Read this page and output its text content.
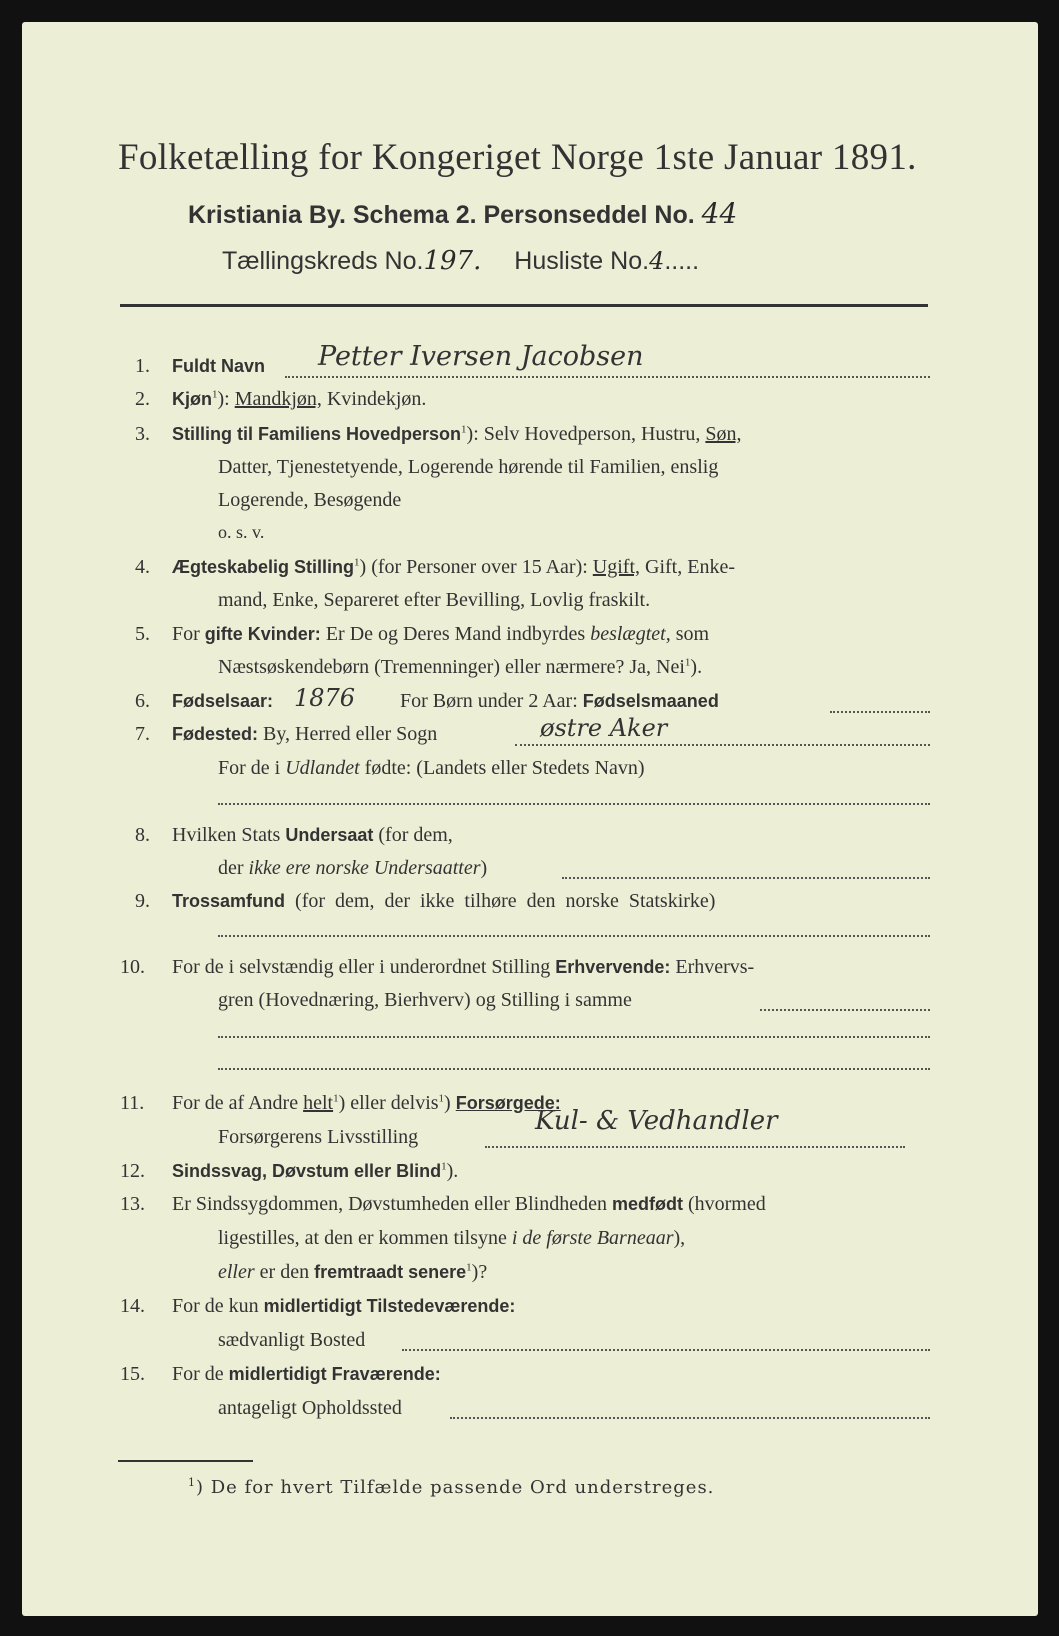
Folketælling for Kongeriget Norge 1ste Januar 1891.
Kristiania By. Schema 2. Personseddel No. 44
Tællingskreds No.197. Husliste No.4.....
1. Fuldt Navn Petter Iversen Jacobsen
2. Kjøn$^1$): Mandkjøn, Kvindekjøn.
3. Stilling til Familiens Hovedperson$^1$): Selv Hovedperson, Hustru, Søn,
Datter, Tjenestetyende, Logerende hørende til Familien, enslig
Logerende, Besøgende
o. s. v.
4. Ægteskabelig Stilling$^1$) (for Personer over 15 Aar): Ugift, Gift, Enke-
mand, Enke, Separeret efter Bevilling, Lovlig fraskilt.
5. For gifte Kvinder: Er De og Deres Mand indbyrdes beslægtet, som
Næstsøskendebørn (Tremenninger) eller nærmere? Ja, Nei$^1$).
6. Fødselsaar: 1876 For Børn under 2 Aar: Fødselsmaaned
7. Fødested: By, Herred eller Sogn	østre Aker
For de i Udlandet fødte: (Landets eller Stedets Navn)
8. Hvilken Stats Undersaat (for dem,
der ikke ere norske Undersaatter)
9. Trossamfund  (for  dem,  der  ikke  tilhøre  den  norske  Statskirke)
10. For de i selvstændig eller i underordnet Stilling Erhvervende: Erhvervs-
gren (Hovednæring, Bierhverv) og Stilling i samme
11. For de af Andre helt$^1$) eller delvis$^1$) Forsørgede:
Forsørgerens Livsstilling
Kul- & Vedhandler
12. Sindssvag, Døvstum eller Blind$^1$).
13. Er Sindssygdommen, Døvstumheden eller Blindheden medfødt (hvormed
ligestilles, at den er kommen tilsyne i de første Barneaar),
eller er den fremtraadt senere$^1$)?
14. For de kun midlertidigt Tilstedeværende:
sædvanligt Bosted
15. For de midlertidigt Fraværende:
antageligt Opholdssted
$^1$) De for hvert Tilfælde passende Ord understreges.
